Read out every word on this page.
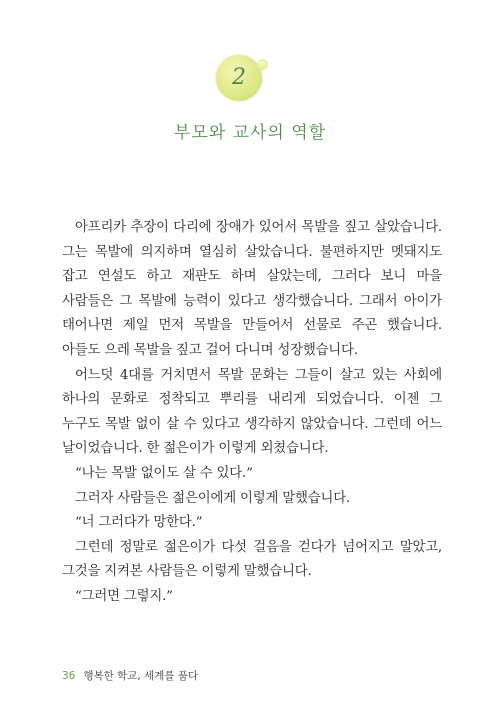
2
부모와 교사의 역할

아프리카 추장이 다리에 장애가 있어서 목발을 짚고 살았습니다. 그는 목발에 의지하며 열심히 살았습니다. 불편하지만 멧돼지도 잡고 연설도 하고 재판도 하며 살았는데, 그러다 보니 마을 사람들은 그 목발에 능력이 있다고 생각했습니다. 그래서 아이가 태어나면 제일 먼저 목발을 만들어서 선물로 주곤 했습니다. 아들도 으레 목발을 짚고 걸어 다니며 성장했습니다.

어느덧 4대를 거치면서 목발 문화는 그들이 살고 있는 사회에 하나의 문화로 정착되고 뿌리를 내리게 되었습니다. 이젠 그 누구도 목발 없이 살 수 있다고 생각하지 않았습니다. 그런데 어느 날이었습니다. 한 젊은이가 이렇게 외쳤습니다.

“나는 목발 없이도 살 수 있다.”

그러자 사람들은 젊은이에게 이렇게 말했습니다.

“너 그러다가 망한다.”

그런데 정말로 젊은이가 다섯 걸음을 걷다가 넘어지고 말았고, 그것을 지켜본 사람들은 이렇게 말했습니다.

“그러면 그렇지.”

36 행복한 학교, 세계를 품다
